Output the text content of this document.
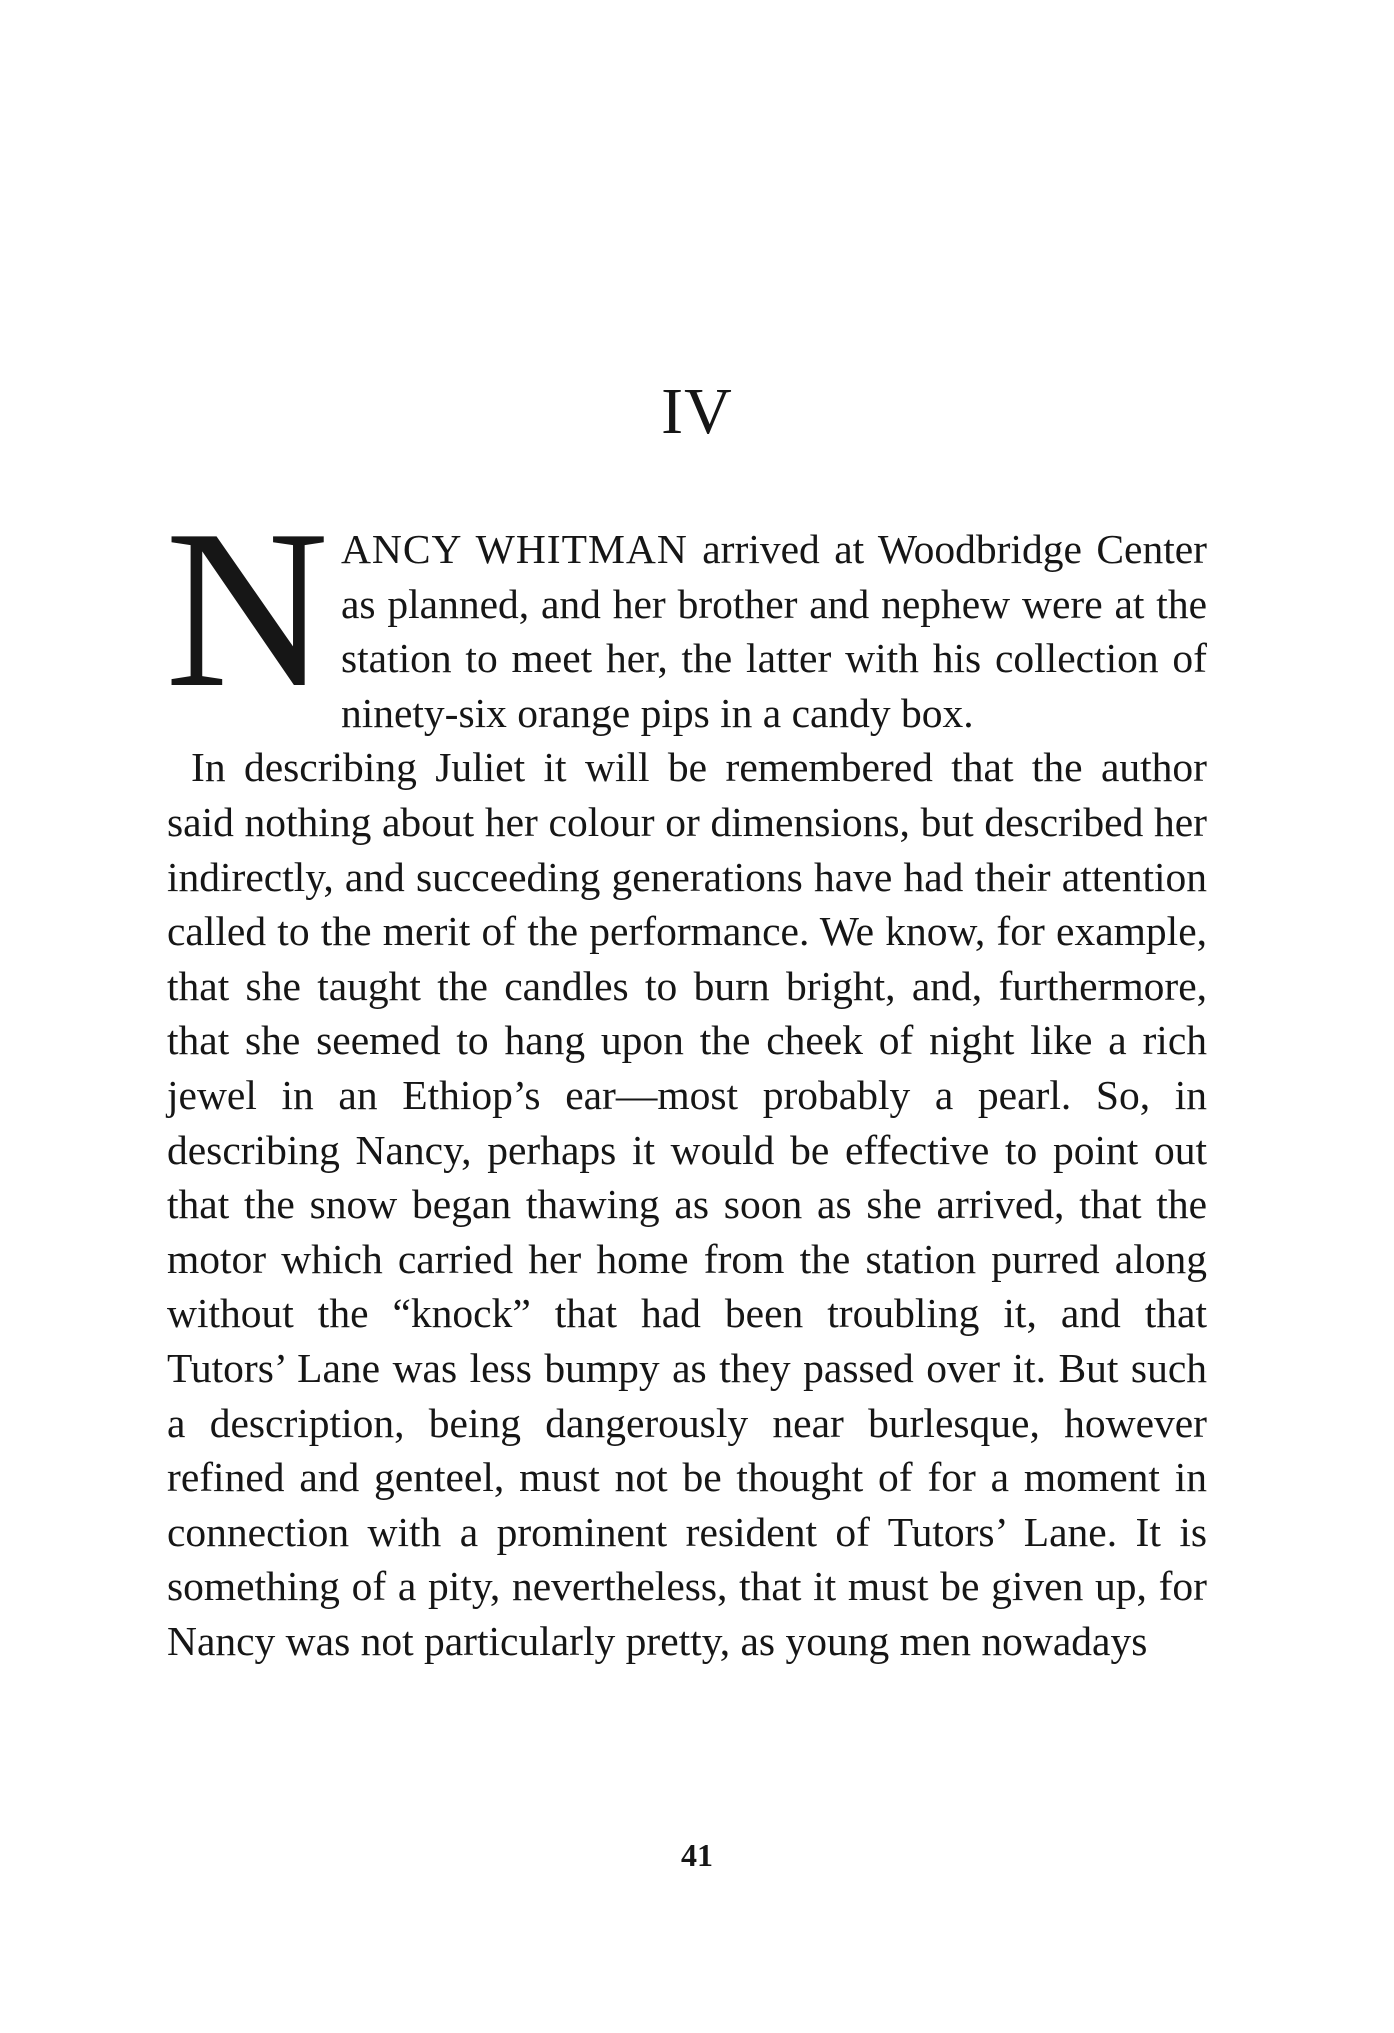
IV

NANCY WHITMAN arrived at Woodbridge Center as planned, and her brother and nephew were at the station to meet her, the latter with his collection of ninety-six orange pips in a candy box.

In describing Juliet it will be remembered that the author said nothing about her colour or dimensions, but described her indirectly, and succeeding generations have had their attention called to the merit of the performance. We know, for example, that she taught the candles to burn bright, and, furthermore, that she seemed to hang upon the cheek of night like a rich jewel in an Ethiop’s ear—most probably a pearl. So, in describing Nancy, perhaps it would be effective to point out that the snow began thawing as soon as she arrived, that the motor which carried her home from the station purred along without the “knock” that had been troubling it, and that Tutors’ Lane was less bumpy as they passed over it. But such a description, being dangerously near burlesque, however refined and genteel, must not be thought of for a moment in connection with a prominent resident of Tutors’ Lane. It is something of a pity, nevertheless, that it must be given up, for Nancy was not particularly pretty, as young men nowadays

41
